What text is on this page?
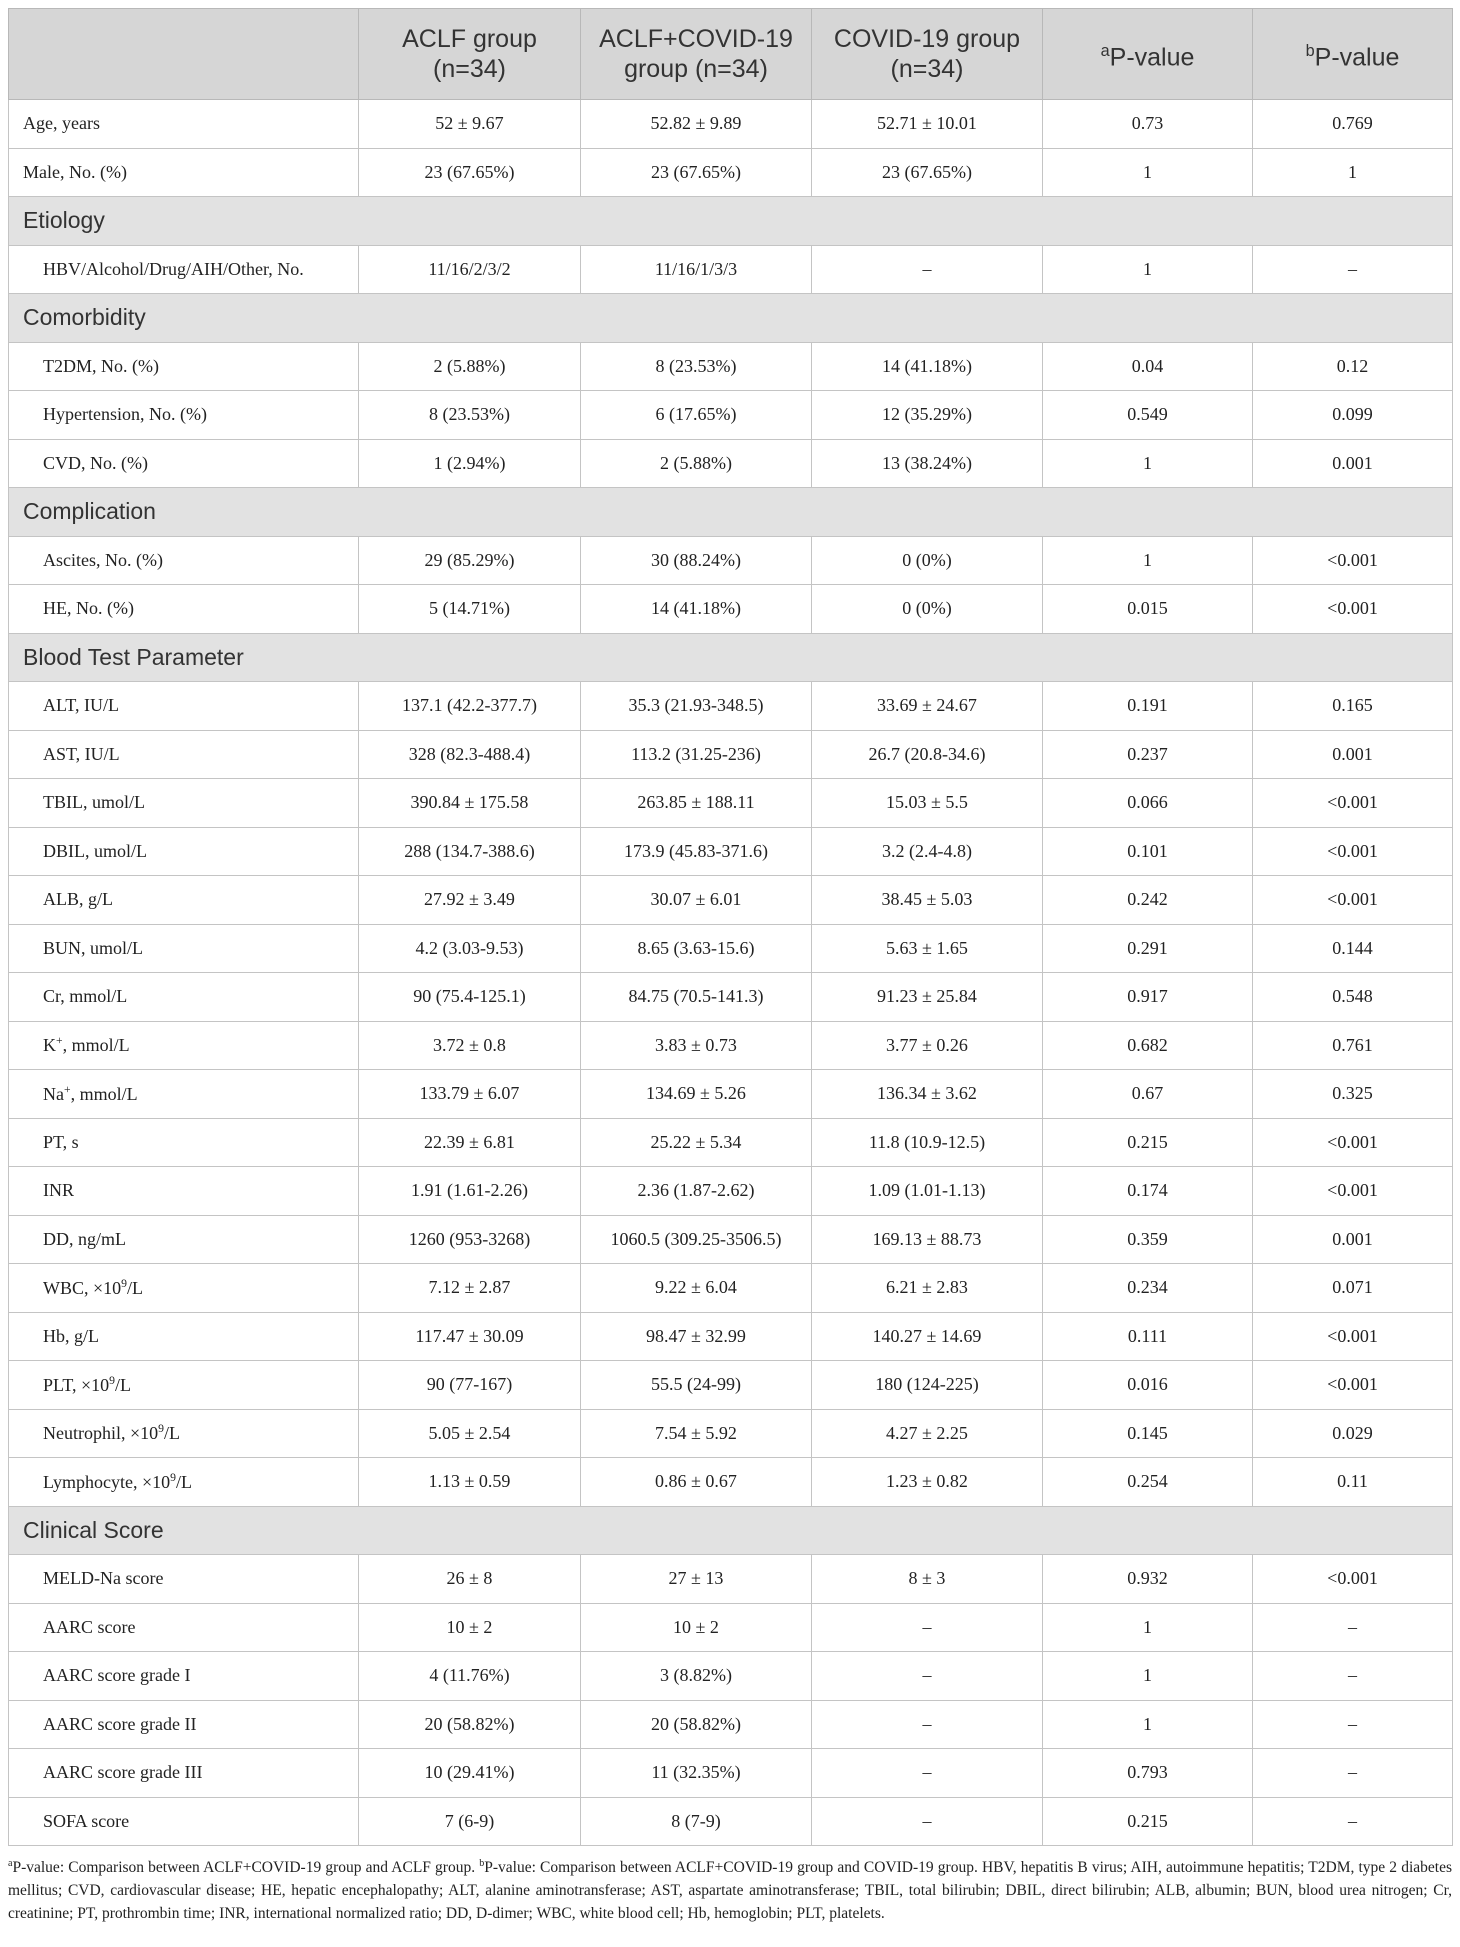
	ACLF group (n=34)	ACLF+COVID-19 group (n=34)	COVID-19 group (n=34)	$^a$P-value	$^b$P-value
Age, years	52 ± 9.67	52.82 ± 9.89	52.71 ± 10.01	0.73	0.769
Male, No. (%)	23 (67.65%)	23 (67.65%)	23 (67.65%)	1	1
Etiology					
HBV/Alcohol/Drug/AIH/Other, No.	11/16/2/3/2	11/16/1/3/3	–	1	–
Comorbidity					
T2DM, No. (%)	2 (5.88%)	8 (23.53%)	14 (41.18%)	0.04	0.12
Hypertension, No. (%)	8 (23.53%)	6 (17.65%)	12 (35.29%)	0.549	0.099
CVD, No. (%)	1 (2.94%)	2 (5.88%)	13 (38.24%)	1	0.001
Complication					
Ascites, No. (%)	29 (85.29%)	30 (88.24%)	0 (0%)	1	<0.001
HE, No. (%)	5 (14.71%)	14 (41.18%)	0 (0%)	0.015	<0.001
Blood Test Parameter					
ALT, IU/L	137.1 (42.2-377.7)	35.3 (21.93-348.5)	33.69 ± 24.67	0.191	0.165
AST, IU/L	328 (82.3-488.4)	113.2 (31.25-236)	26.7 (20.8-34.6)	0.237	0.001
TBIL, umol/L	390.84 ± 175.58	263.85 ± 188.11	15.03 ± 5.5	0.066	<0.001
DBIL, umol/L	288 (134.7-388.6)	173.9 (45.83-371.6)	3.2 (2.4-4.8)	0.101	<0.001
ALB, g/L	27.92 ± 3.49	30.07 ± 6.01	38.45 ± 5.03	0.242	<0.001
BUN, umol/L	4.2 (3.03-9.53)	8.65 (3.63-15.6)	5.63 ± 1.65	0.291	0.144
Cr, mmol/L	90 (75.4-125.1)	84.75 (70.5-141.3)	91.23 ± 25.84	0.917	0.548
K+, mmol/L	3.72 ± 0.8	3.83 ± 0.73	3.77 ± 0.26	0.682	0.761
Na+, mmol/L	133.79 ± 6.07	134.69 ± 5.26	136.34 ± 3.62	0.67	0.325
PT, s	22.39 ± 6.81	25.22 ± 5.34	11.8 (10.9-12.5)	0.215	<0.001
INR	1.91 (1.61-2.26)	2.36 (1.87-2.62)	1.09 (1.01-1.13)	0.174	<0.001
DD, ng/mL	1260 (953-3268)	1060.5 (309.25-3506.5)	169.13 ± 88.73	0.359	0.001
WBC, $\times 10^9/L$	7.12 ± 2.87	9.22 ± 6.04	6.21 ± 2.83	0.234	0.071
Hb, g/L	117.47 ± 30.09	98.47 ± 32.99	140.27 ± 14.69	0.111	<0.001
PLT, $\times 10^9/L$	90 (77-167)	55.5 (24-99)	180 (124-225)	0.016	<0.001
Neutrophil, $\times 10^9/L$	5.05 ± 2.54	7.54 ± 5.92	4.27 ± 2.25	0.145	0.029
Lymphocyte, $\times 10^9/L$	1.13 ± 0.59	0.86 ± 0.67	1.23 ± 0.82	0.254	0.11
Clinical Score					
MELD-Na score	26 ± 8	27 ± 13	8 ± 3	0.932	<0.001
AARC score	10 ± 2	10 ± 2	–	1	–
AARC score grade I	4 (11.76%)	3 (8.82%)	–	1	–
AARC score grade II	20 (58.82%)	20 (58.82%)	–	1	–
AARC score grade III	10 (29.41%)	11 (32.35%)	–	0.793	–
SOFA score	7 (6-9)	8 (7-9)	–	0.215	–
$^a$P-value: Comparison between ACLF+COVID-19 group and ACLF group. $^b$P-value: Comparison between ACLF+COVID-19 group and COVID-19 group. HBV, hepatitis B virus; AIH, autoimmune hepatitis; T2DM, type 2 diabetes mellitus; CVD, cardiovascular disease; HE, hepatic encephalopathy; ALT, alanine aminotransferase; AST, aspartate aminotransferase; TBIL, total bilirubin; DBIL, direct bilirubin; ALB, albumin; BUN, blood urea nitrogen; Cr, creatinine; PT, prothrombin time; INR, international normalized ratio; DD, D-dimer; WBC, white blood cell; Hb, hemoglobin; PLT, platelets.
